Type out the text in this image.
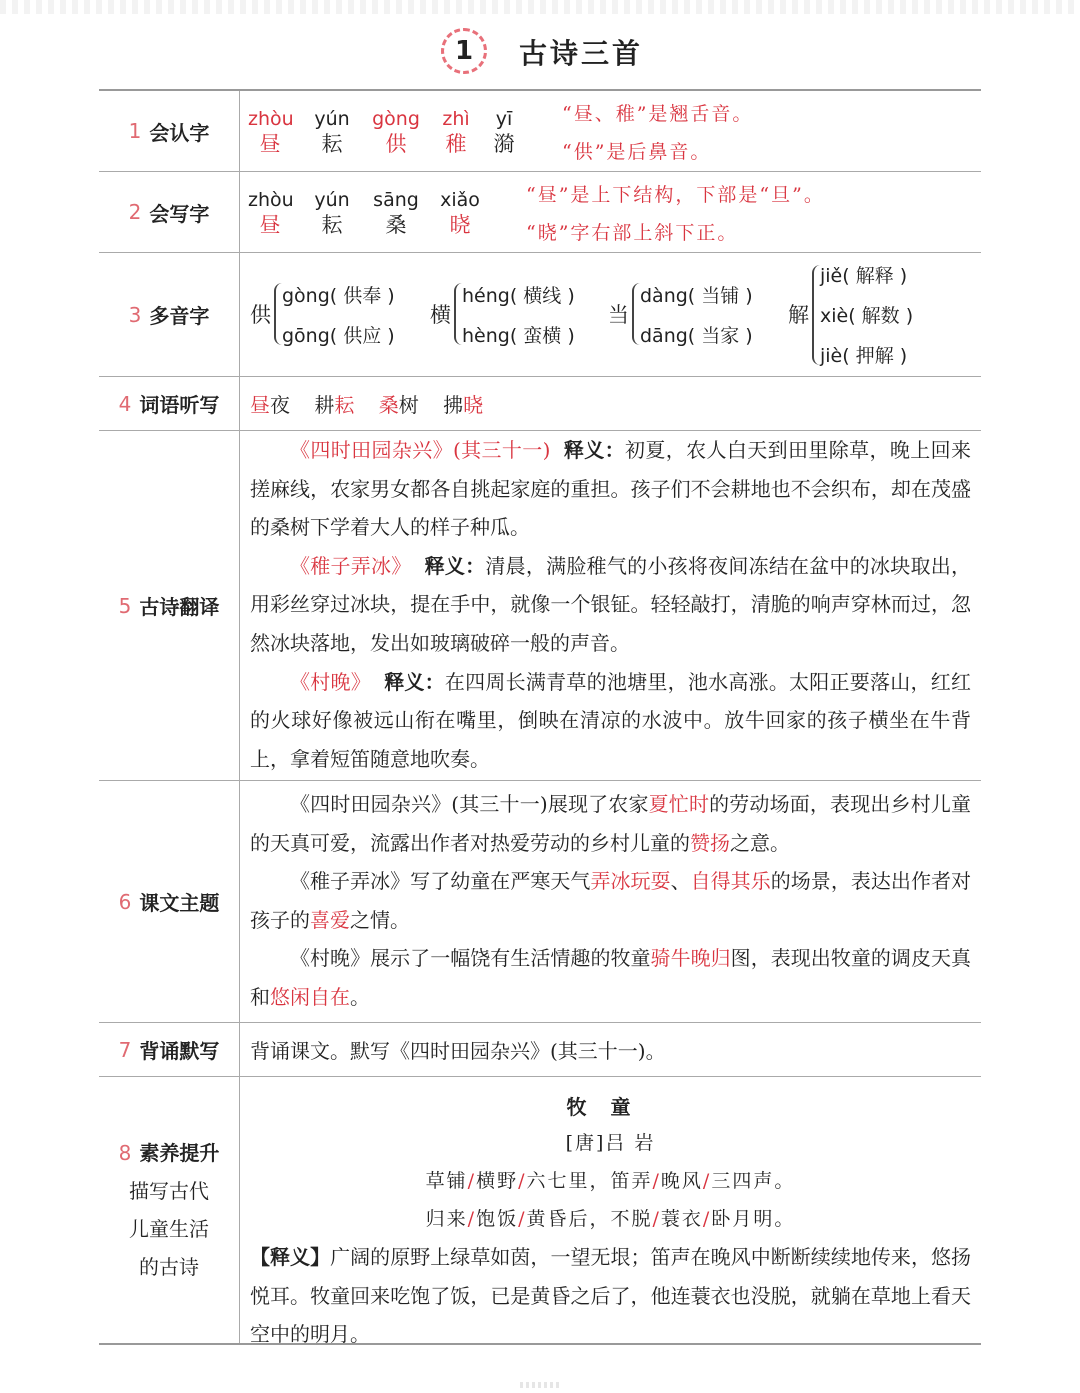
1	古诗三首
1 会认字
zhòu
昼
yún
耘
gòng
供
zhì
稚
yī
漪
“昼、稚”是翘舌音。
“供”是后鼻音。
2 会写字
zhòu
昼
yún
耘
sāng
桑
xiǎo
晓
“昼”是上下结构，下部是“旦”。
“晓”字右部上斜下正。
3 多音字 供
gòng( 供奉 )
gōng( 供应 )
横
héng( 横线 )
hèng( 蛮横 )
当
dàng( 当铺 )
dāng( 当家 )
解
jiě( 解释 )
xiè( 解数 )
jiè( 押解 )
4 词语听写 昼夜 耕耘 桑树 拂晓
5 古诗翻译

《四时田园杂兴》(其三十一) 释义：初夏，农人白天到田里除草，晚上回来搓麻线，农家男女都各自挑起家庭的重担。孩子们不会耕地也不会织布，却在茂盛的桑树下学着大人的样子种瓜。

《稚子弄冰》 释义：清晨，满脸稚气的小孩将夜间冻结在盆中的冰块取出，用彩丝穿过冰块，提在手中，就像一个银钲。轻轻敲打，清脆的响声穿林而过，忽然冰块落地，发出如玻璃破碎一般的声音。

《村晚》 释义：在四周长满青草的池塘里，池水高涨。太阳正要落山，红红的火球好像被远山衔在嘴里，倒映在清凉的水波中。放牛回家的孩子横坐在牛背上，拿着短笛随意地吹奏。

6 课文主题

《四时田园杂兴》(其三十一)展现了农家夏忙时的劳动场面，表现出乡村儿童的天真可爱，流露出作者对热爱劳动的乡村儿童的赞扬之意。

《稚子弄冰》写了幼童在严寒天气弄冰玩耍、自得其乐的场景，表达出作者对孩子的喜爱之情。

《村晚》展示了一幅饶有生活情趣的牧童骑牛晚归图，表现出牧童的调皮天真和悠闲自在。

7 背诵默写 背诵课文。默写《四时田园杂兴》(其三十一)。
8 素养提升
描写古代
儿童生活
的古诗
牧童
[唐]吕 岩
草铺/横野/六七里，笛弄/晚风/三四声。
归来/饱饭/黄昏后，不脱/蓑衣/卧月明。
【释义】广阔的原野上绿草如茵，一望无垠；笛声在晚风中断断续续地传来，悠扬悦耳。牧童回来吃饱了饭，已是黄昏之后了，他连蓑衣也没脱，就躺在草地上看天空中的明月。
